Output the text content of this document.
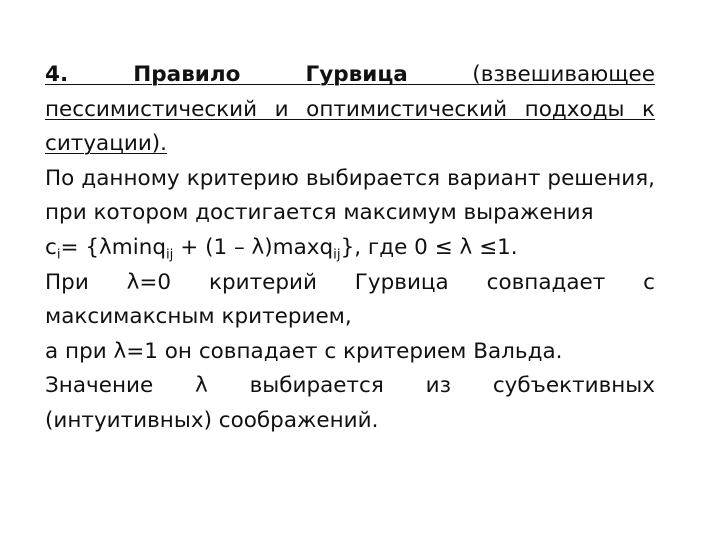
4. Правило Гурвица (взвешивающее пессимистический и оптимистический подходы к ситуации).

По данному критерию выбирается вариант решения, при котором достигается максимум выражения

$c_i= \{\lambda\min q_{ij} + (1 - \lambda)\max q_{ij}\}$, где 0 ≤ λ ≤1.

При λ=0 критерий Гурвица совпадает с максимаксным критерием,

а при λ=1 он совпадает с критерием Вальда.

Значение λ выбирается из субъективных (интуитивных) соображений.
